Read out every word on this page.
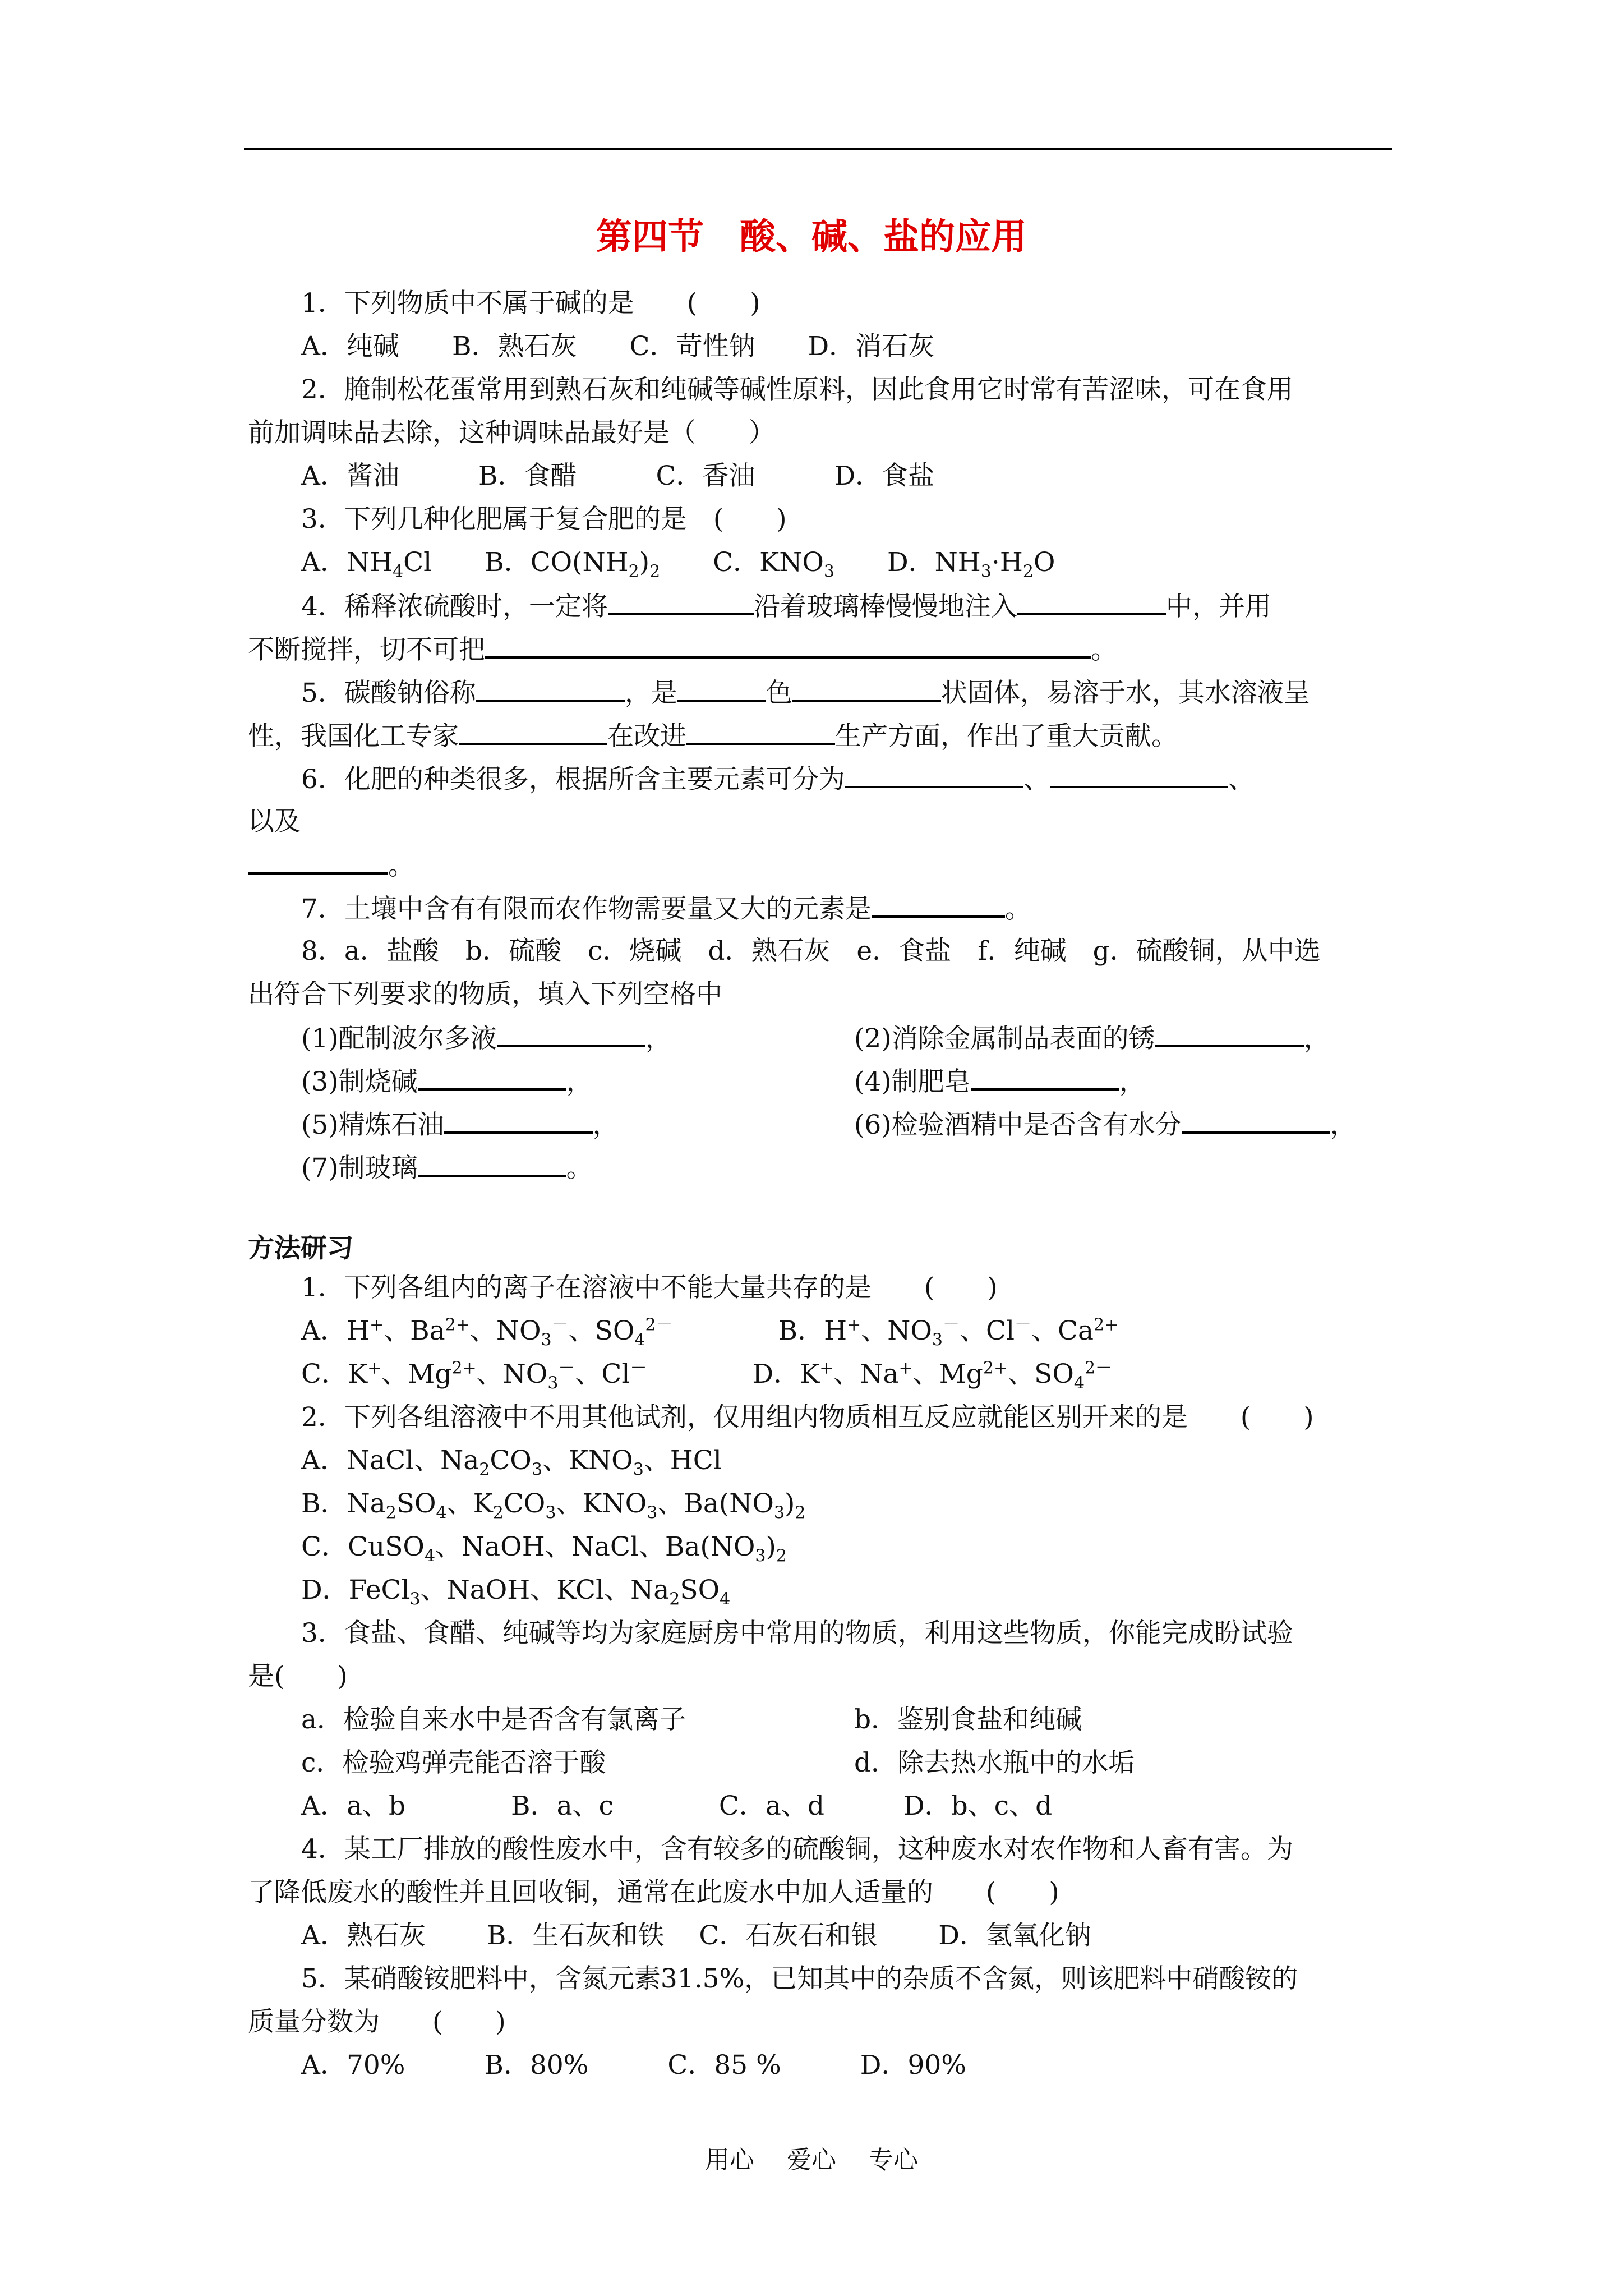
第四节　酸、碱、盐的应用
1．下列物质中不属于碱的是　　(　　)
A．纯碱　　B．熟石灰　　C．苛性钠　　D．消石灰
2．腌制松花蛋常用到熟石灰和纯碱等碱性原料，因此食用它时常有苦涩味，可在食用
前加调味品去除，这种调味品最好是（　　）
A．酱油　　　B．食醋　　　C．香油　　　D．食盐
3．下列几种化肥属于复合肥的是　(　　)
A．$NH_4Cl$　　B．$CO(NH_2)_2$　　C．$KNO_3$　　D．$NH_3\cdot H_2O$
4．稀释浓硫酸时，一定将	沿着玻璃棒慢慢地注入	中，并用
不断搅拌，切不可把	。
5．碳酸钠俗称	，是	色	状固体，易溶于水，其水溶液呈
性，我国化工专家	在改进	生产方面，作出了重大贡献。
6．化肥的种类很多，根据所含主要元素可分为	、	、
以及
。
7．土壤中含有有限而农作物需要量又大的元素是	。
8．a．盐酸　b．硫酸　c．烧碱　d．熟石灰　e．食盐　f．纯碱　g．硫酸铜，从中选
出符合下列要求的物质，填入下列空格中
(1)配制波尔多液	，	(2)消除金属制品表面的锈	，
(3)制烧碱	，	(4)制肥皂	，
(5)精炼石油	，	(6)检验酒精中是否含有水分	，
(7)制玻璃	。
方法研习
1．下列各组内的离子在溶液中不能大量共存的是　　(　　)
A．H+、$Ba^{2+}$、$NO_3^-$、$SO_4^{2-}$　　　　B．H+、$NO_3^-$、Cl－、$Ca^{2+}$
C．K+、$Mg^{2+}$、$NO_3^-$、Cl－　　　　D．K+、Na+、$Mg^{2+}$、$SO_4^{2-}$
2．下列各组溶液中不用其他试剂，仅用组内物质相互反应就能区别开来的是　　(　　)
A．NaCl、$Na_2CO_3$、$KNO_3$、HCl
B．$Na_2SO_4$、$K_2CO_3$、$KNO_3$、$Ba(NO_3)_2$
C．CuSO$_4$、NaOH、NaCl、$Ba(NO_3)_2$
D．FeCl$_3$、NaOH、KCl、$Na_2SO_4$
3．食盐、食醋、纯碱等均为家庭厨房中常用的物质，利用这些物质，你能完成盼试验
是(　　)
a．检验自来水中是否含有氯离子	b．鉴别食盐和纯碱
c．检验鸡弹壳能否溶于酸	d．除去热水瓶中的水垢
A．a、b　　　　B．a、c　　　　C．a、d　　　D．b、c、d
4．某工厂排放的酸性废水中，含有较多的硫酸铜，这种废水对农作物和人畜有害。为
了降低废水的酸性并且回收铜，通常在此废水中加人适量的　　(　　)
A．熟石灰　　 B．生石灰和铁　 C．石灰石和银　　 D．氢氧化钠
5．某硝酸铵肥料中，含氮元素31.5%，已知其中的杂质不含氮，则该肥料中硝酸铵的
质量分数为　　(　　)
A．70%　　　B．80%　　　C．85 %　　　D．90%
用心　 爱心　 专心
